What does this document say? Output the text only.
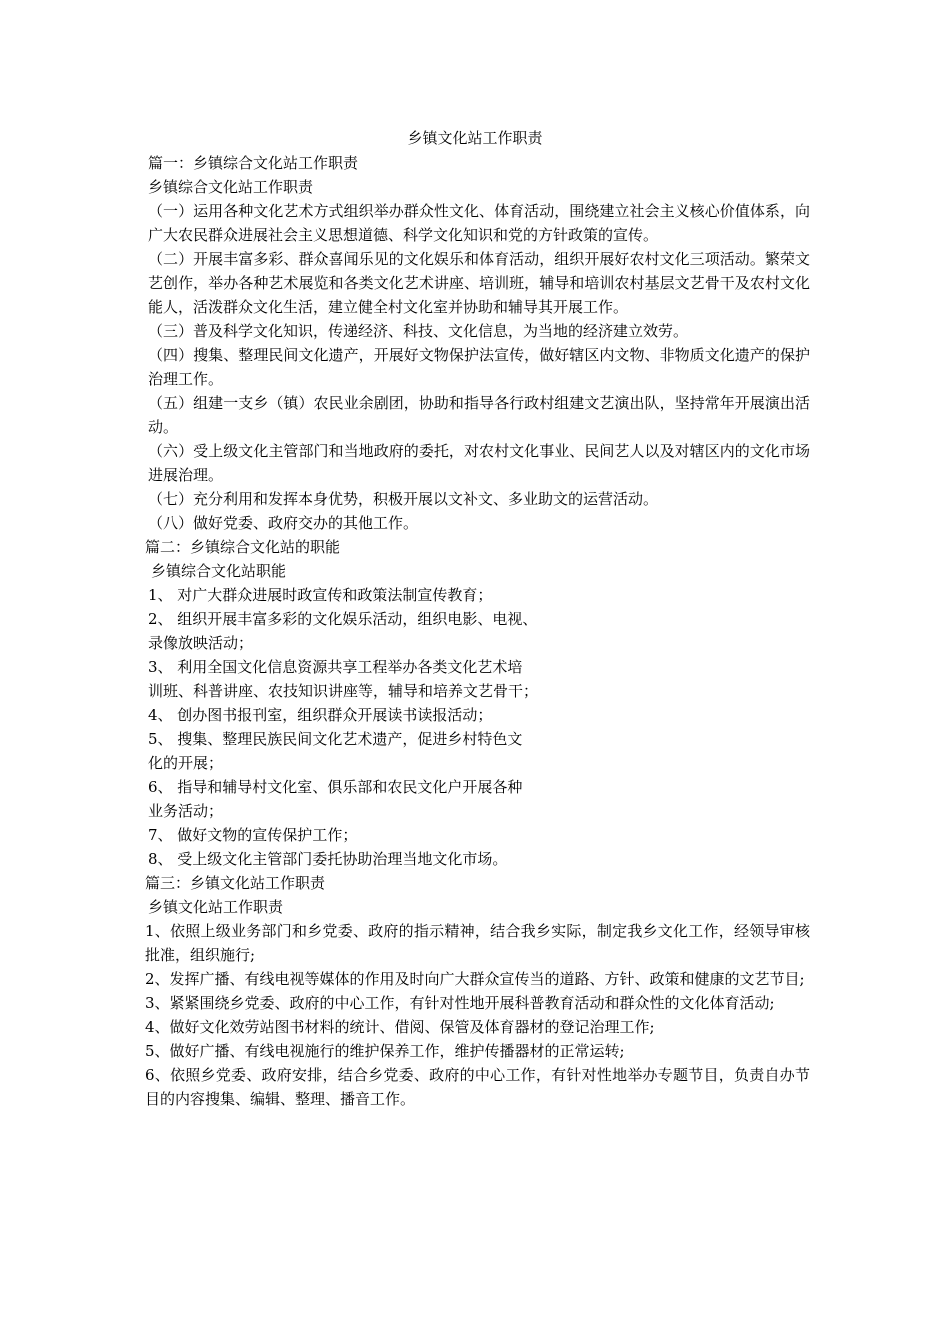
乡镇文化站工作职责

篇一：乡镇综合文化站工作职责

乡镇综合文化站工作职责

（一）运用各种文化艺术方式组织举办群众性文化、体育活动，围绕建立社会主义核心价值体系，向广大农民群众进展社会主义思想道德、科学文化知识和党的方针政策的宣传。

（二）开展丰富多彩、群众喜闻乐见的文化娱乐和体育活动，组织开展好农村文化三项活动。繁荣文艺创作，举办各种艺术展览和各类文化艺术讲座、培训班，辅导和培训农村基层文艺骨干及农村文化能人，活泼群众文化生活，建立健全村文化室并协助和辅导其开展工作。

（三）普及科学文化知识，传递经济、科技、文化信息，为当地的经济建立效劳。

（四）搜集、整理民间文化遗产，开展好文物保护法宣传，做好辖区内文物、非物质文化遗产的保护治理工作。

（五）组建一支乡（镇）农民业余剧团，协助和指导各行政村组建文艺演出队，坚持常年开展演出活动。

（六）受上级文化主管部门和当地政府的委托，对农村文化事业、民间艺人以及对辖区内的文化市场进展治理。

（七）充分利用和发挥本身优势，积极开展以文补文、多业助文的运营活动。

（八）做好党委、政府交办的其他工作。

篇二：乡镇综合文化站的职能

乡镇综合文化站职能

1、 对广大群众进展时政宣传和政策法制宣传教育；

2、 组织开展丰富多彩的文化娱乐活动，组织电影、电视、

录像放映活动；

3、 利用全国文化信息资源共享工程举办各类文化艺术培

训班、科普讲座、农技知识讲座等，辅导和培养文艺骨干；

4、 创办图书报刊室，组织群众开展读书读报活动；

5、 搜集、整理民族民间文化艺术遗产，促进乡村特色文

化的开展；

6、 指导和辅导村文化室、俱乐部和农民文化户开展各种

业务活动；

7、 做好文物的宣传保护工作；

8、 受上级文化主管部门委托协助治理当地文化市场。

篇三：乡镇文化站工作职责

乡镇文化站工作职责

1、依照上级业务部门和乡党委、政府的指示精神，结合我乡实际，制定我乡文化工作，经领导审核批准，组织施行;

2、发挥广播、有线电视等媒体的作用及时向广大群众宣传当的道路、方针、政策和健康的文艺节目;

3、紧紧围绕乡党委、政府的中心工作，有针对性地开展科普教育活动和群众性的文化体育活动;

4、做好文化效劳站图书材料的统计、借阅、保管及体育器材的登记治理工作;

5、做好广播、有线电视施行的维护保养工作，维护传播器材的正常运转;

6、依照乡党委、政府安排，结合乡党委、政府的中心工作，有针对性地举办专题节目，负责自办节目的内容搜集、编辑、整理、播音工作。
